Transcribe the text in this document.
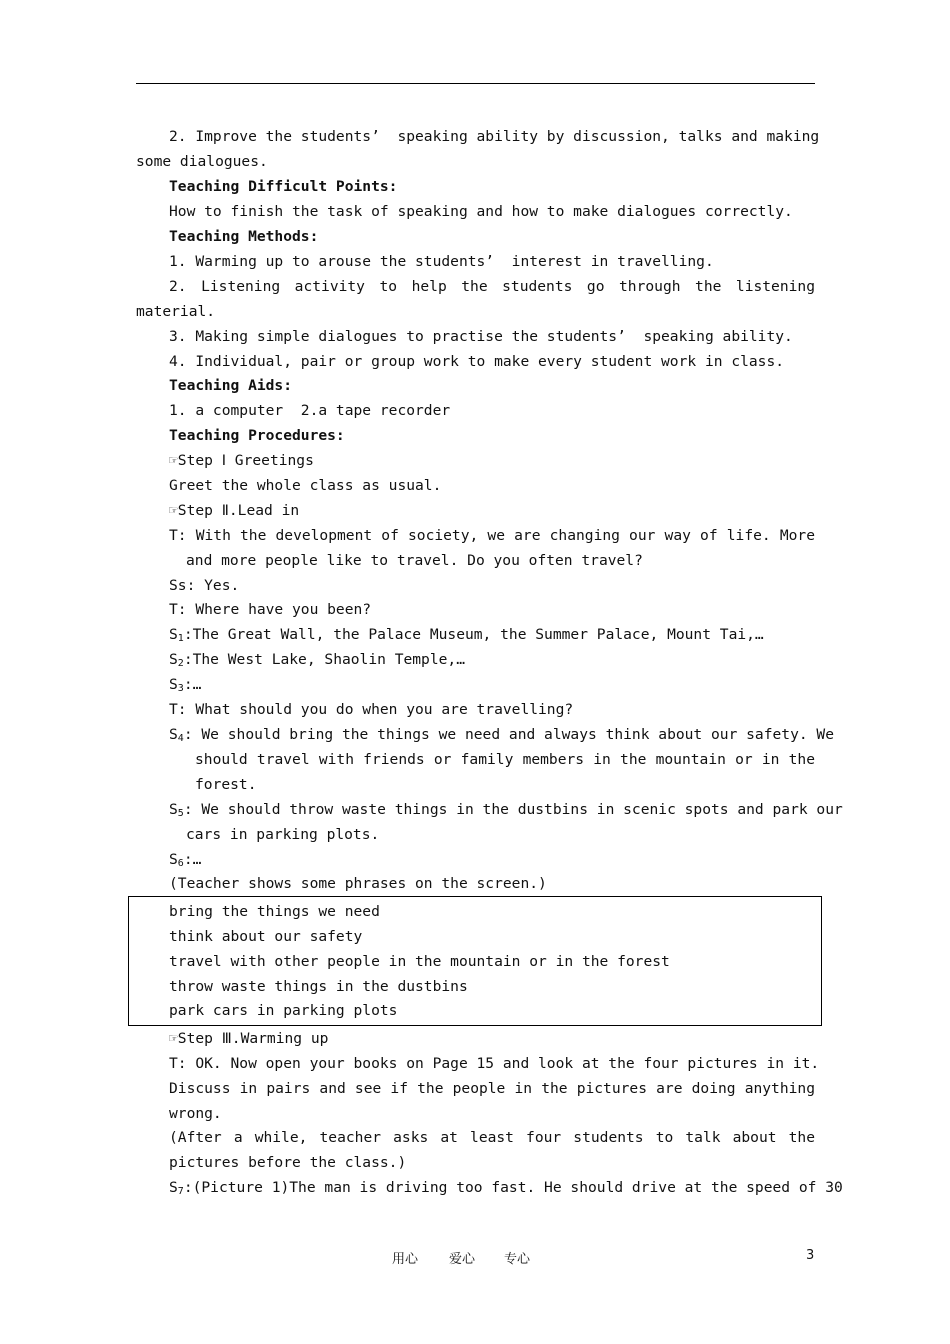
2. Improve the students’  speaking ability by discussion, talks and making
some dialogues.
Teaching Difficult Points:
How to finish the task of speaking and how to make dialogues correctly.
Teaching Methods:
1. Warming up to arouse the students’  interest in travelling.
2. Listening activity to help the students go through the listening
material.
3. Making simple dialogues to practise the students’  speaking ability.
4. Individual, pair or group work to make every student work in class.
Teaching Aids:
1. a computer  2.a tape recorder
Teaching Procedures:
☞Step Ⅰ Greetings
Greet the whole class as usual.
☞Step Ⅱ.Lead in
T: With the development of society, we are changing our way of life. More
and more people like to travel. Do you often travel?
Ss: Yes.
T: Where have you been?
$S_1:The$ Great Wall, the Palace Museum, the Summer Palace, Mount Tai,…
$S_2:The$ West Lake, Shaolin Temple,…
$S_3:\dots$
T: What should you do when you are travelling?
$S_4$: We should bring the things we need and always think about our safety. We
should travel with friends or family members in the mountain or in the
forest.
$S_5$: We should throw waste things in the dustbins in scenic spots and park our
cars in parking plots.
$S_6:\dots$
(Teacher shows some phrases on the screen.)
bring the things we need
think about our safety
travel with other people in the mountain or in the forest
throw waste things in the dustbins
park cars in parking plots
☞Step Ⅲ.Warming up
T: OK. Now open your books on Page 15 and look at the four pictures in it.
Discuss in pairs and see if the people in the pictures are doing anything
wrong.
(After a while, teacher asks at least four students to talk about the
pictures before the class.)
$S_7:(Picture$ 1)The man is driving too fast. He should drive at the speed of 30
用心 爱心 专心	3
